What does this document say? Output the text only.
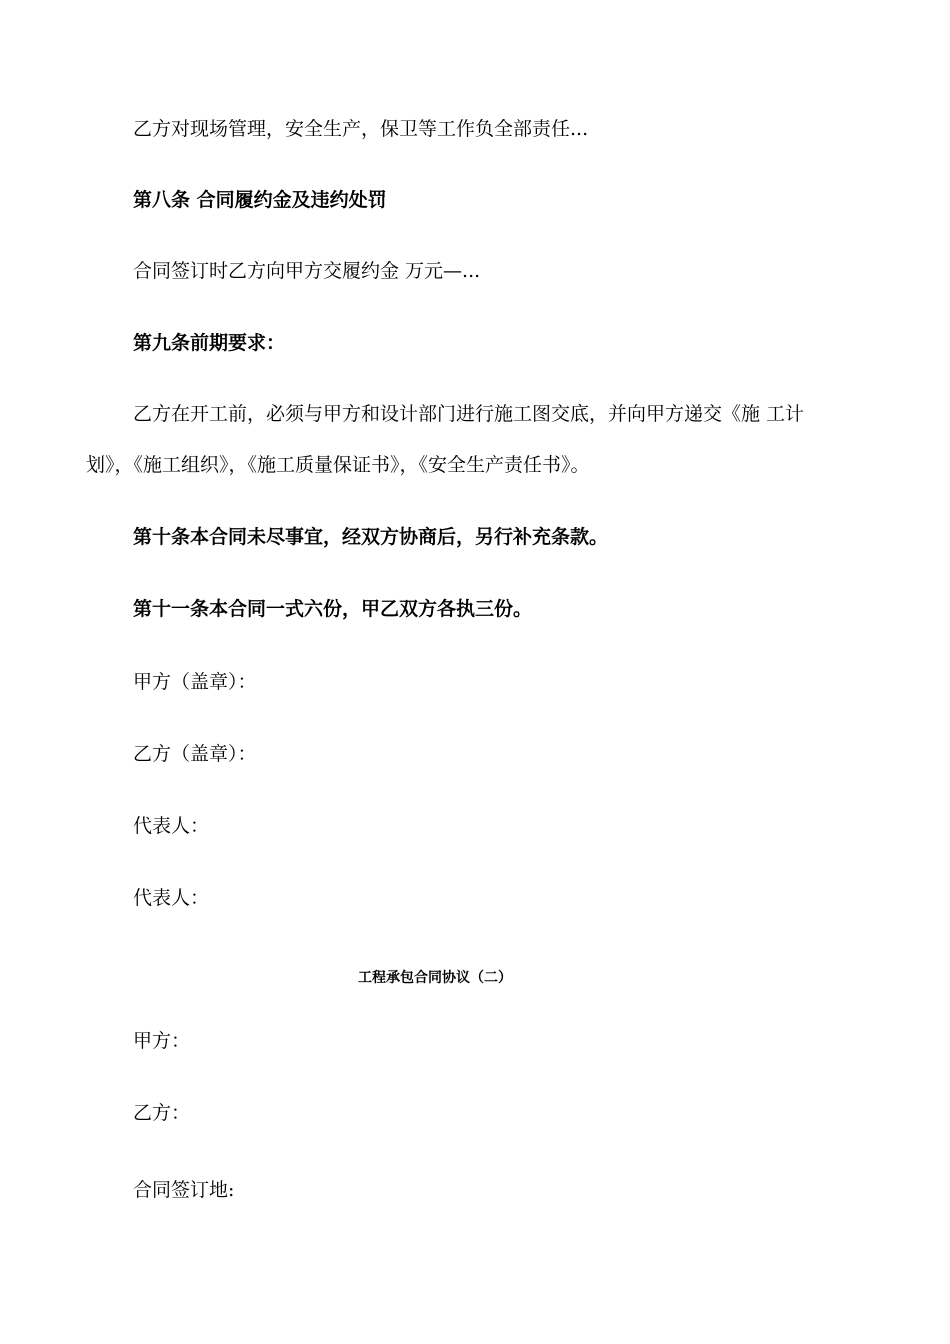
乙方对现场管理，安全生产，保卫等工作负全部责任...
第八条 合同履约金及违约处罚
合同签订时乙方向甲方交履约金 万元—...
第九条前期要求：
乙方在开工前，必须与甲方和设计部门进行施工图交底，并向甲方递交《施 工计
划》，《施工组织》，《施工质量保证书》，《安全生产责任书》。
第十条本合同未尽事宜，经双方协商后，另行补充条款。
第十一条本合同一式六份，甲乙双方各执三份。
甲方（盖章）：
乙方（盖章）：
代表人：
代表人：
工程承包合同协议（二）
甲方：
乙方：
合同签订地:
